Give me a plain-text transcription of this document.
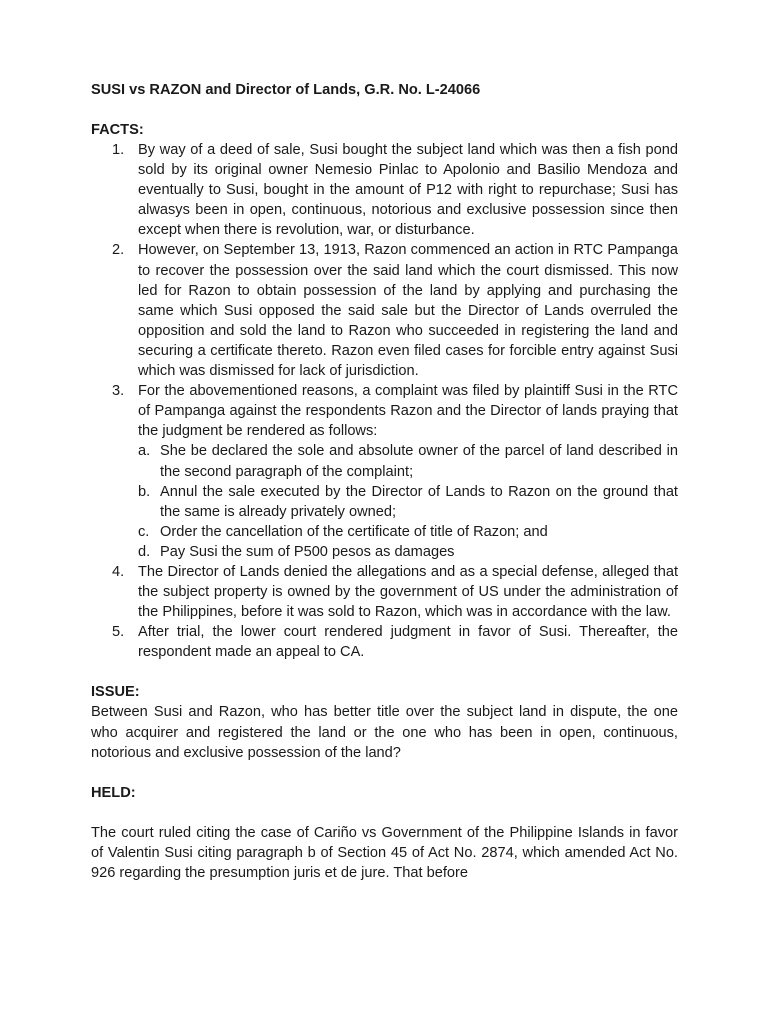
SUSI vs RAZON and Director of Lands, G.R. No. L-24066

FACTS:

1. By way of a deed of sale, Susi bought the subject land which was then a fish pond sold by its original owner Nemesio Pinlac to Apolonio and Basilio Mendoza and eventually to Susi, bought in the amount of P12 with right to repurchase; Susi has alwasys been in open, continuous, notorious and exclusive possession since then except when there is revolution, war, or disturbance.
2. However, on September 13, 1913, Razon commenced an action in RTC Pampanga to recover the possession over the said land which the court dismissed. This now led for Razon to obtain possession of the land by applying and purchasing the same which Susi opposed the said sale but the Director of Lands overruled the opposition and sold the land to Razon who succeeded in registering the land and securing a certificate thereto. Razon even filed cases for forcible entry against Susi which was dismissed for lack of jurisdiction.
3. For the abovementioned reasons, a complaint was filed by plaintiff Susi in the RTC of Pampanga against the respondents Razon and the Director of lands praying that the judgment be rendered as follows:
a. She be declared the sole and absolute owner of the parcel of land described in the second paragraph of the complaint;
b. Annul the sale executed by the Director of Lands to Razon on the ground that the same is already privately owned;
c. Order the cancellation of the certificate of title of Razon; and
d. Pay Susi the sum of P500 pesos as damages
4. The Director of Lands denied the allegations and as a special defense, alleged that the subject property is owned by the government of US under the administration of the Philippines, before it was sold to Razon, which was in accordance with the law.
5. After trial, the lower court rendered judgment in favor of Susi. Thereafter, the respondent made an appeal to CA.

ISSUE:

Between Susi and Razon, who has better title over the subject land in dispute, the one who acquirer and registered the land or the one who has been in open, continuous, notorious and exclusive possession of the land?

HELD:

The court ruled citing the case of Cariño vs Government of the Philippine Islands in favor of Valentin Susi citing paragraph b of Section 45 of Act No. 2874, which amended Act No. 926 regarding the presumption juris et de jure. That before
